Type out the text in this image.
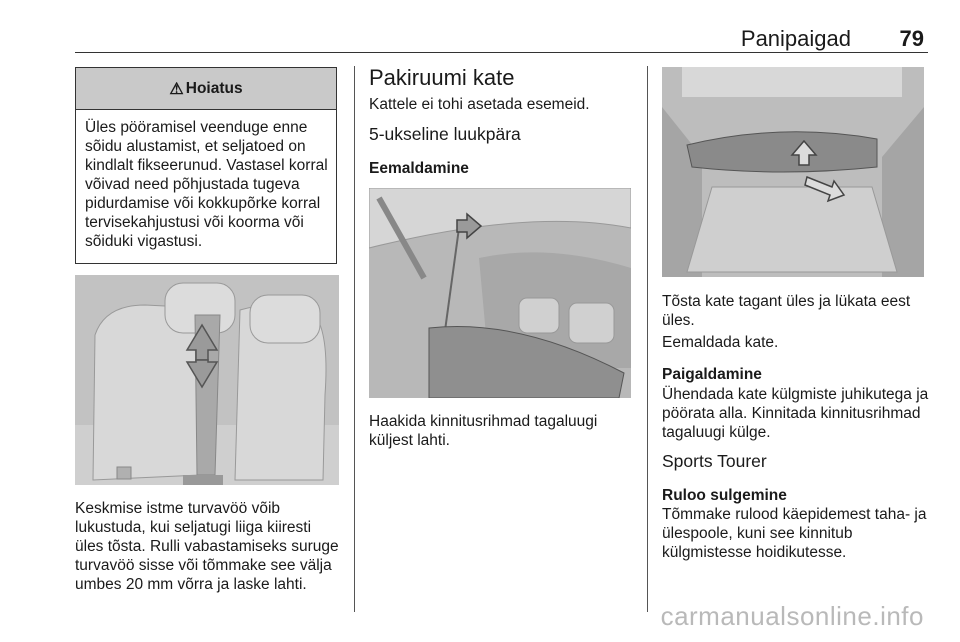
Panipaigad 79
⚠ Hoiatus
Üles pööramisel veenduge enne sõidu alustamist, et seljatoed on kindlalt fikseerunud. Vastasel korral võivad need põhjustada tugeva pidurdamise või kokkupõrke korral tervisekahjustusi või koorma või sõiduki vigastusi.

Keskmise istme turvavöö võib lukustuda, kui seljatugi liiga kiiresti üles tõsta. Rulli vabastamiseks suruge turvavöö sisse või tõmmake see välja umbes 20 mm võrra ja laske lahti.

Pakiruumi kate

Kattele ei tohi asetada esemeid.

5-ukseline luukpära
Eemaldamine

Haakida kinnitusrihmad tagaluugi küljest lahti.

Tõsta kate tagant üles ja lükata eest üles.

Eemaldada kate.

Paigaldamine

Ühendada kate külgmiste juhikutega ja pöörata alla. Kinnitada kinnitusrihmad tagaluugi külge.

Sports Tourer
Ruloo sulgemine

Tõmmake rulood käepidemest taha- ja ülespoole, kuni see kinnitub külgmistesse hoidikutesse.

carmanualsonline.info
